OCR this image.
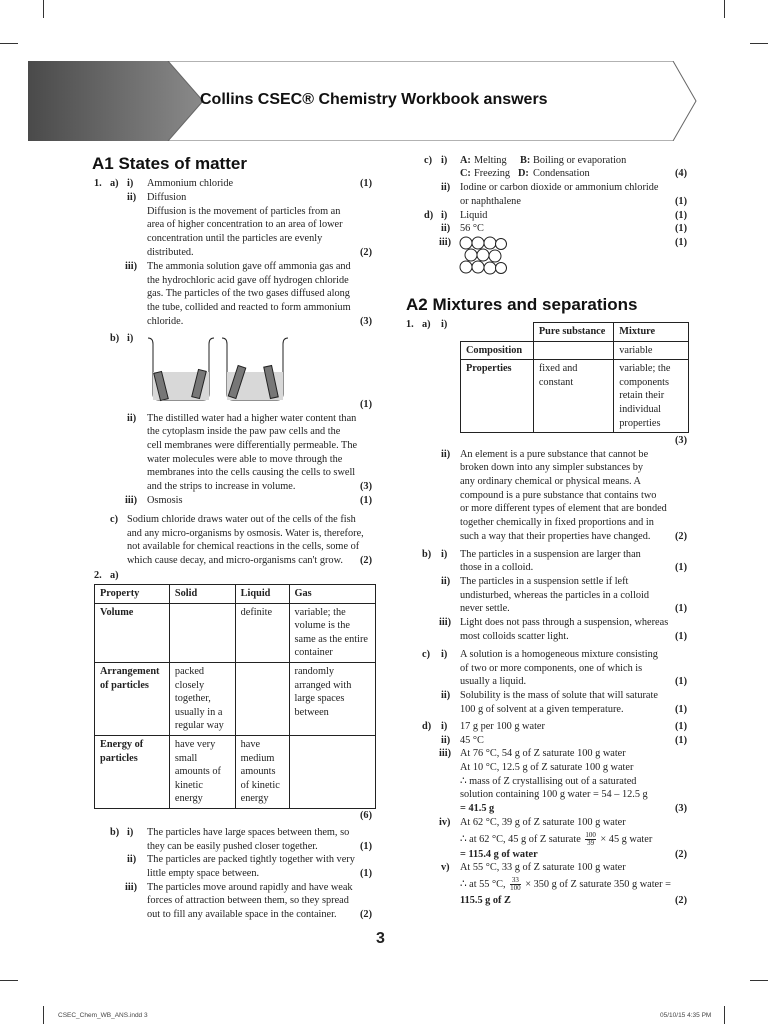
Collins CSEC® Chemistry Workbook answers
A1 States of matter
1. a) i) Ammonium chloride	(1)
ii) Diffusion
Diffusion is the movement of particles from an
area of higher concentration to an area of lower
concentration until the particles are evenly
distributed.	(2)
iii) The ammonia solution gave off ammonia gas and
the hydrochloric acid gave off hydrogen chloride
gas. The particles of the two gases diffused along
the tube, collided and reacted to form ammonium
chloride.	(3)
b) i)
(1)
ii) The distilled water had a higher water content than
the cytoplasm inside the paw paw cells and the
cell membranes were differentially permeable. The
water molecules were able to move through the
membranes into the cells causing the cells to swell
and the strips to increase in volume.	(3)
iii) Osmosis	(1)
c) Sodium chloride draws water out of the cells of the fish
and any micro-organisms by osmosis. Water is, therefore,
not available for chemical reactions in the cells, some of
which cause decay, and micro-organisms can't grow. (2)
2. a)
Property	Solid	Liquid	Gas
Volume		definite	variable; the volume is the same as the entire container
Arrangement of particles	packed closely together, usually in a regular way		randomly arranged with large spaces between
Energy of particles	have very small amounts of kinetic energy	have medium amounts of kinetic energy	
(6)
b) i) The particles have large spaces between them, so
they can be easily pushed closer together.	(1)
ii) The particles are packed tightly together with very
little empty space between.	(1)
iii) The particles move around rapidly and have weak
forces of attraction between them, so they spread
out to fill any available space in the container. (2)
c) i) A: Melting B: Boiling or evaporation
C: Freezing D: Condensation	(4)
ii) Iodine or carbon dioxide or ammonium chloride
or naphthalene	(1)
d) i) Liquid	(1)
ii) 56 °C	(1)
iii)	(1)
A2 Mixtures and separations
1. a) i)
	Pure substance	Mixture
Composition		variable
Properties	fixed and constant	variable; the components retain their individual properties
(3)
ii) An element is a pure substance that cannot be
broken down into any simpler substances by
any ordinary chemical or physical means. A
compound is a pure substance that contains two
or more different types of element that are bonded
together chemically in fixed proportions and in
such a way that their properties have changed. (2)
b) i) The particles in a suspension are larger than
those in a colloid.	(1)
ii) The particles in a suspension settle if left
undisturbed, whereas the particles in a colloid
never settle.	(1)
iii) Light does not pass through a suspension, whereas
most colloids scatter light.	(1)
c) i) A solution is a homogeneous mixture consisting
of two or more components, one of which is
usually a liquid.	(1)
ii) Solubility is the mass of solute that will saturate
100 g of solvent at a given temperature.	(1)
d) i) 17 g per 100 g water	(1)
ii) 45 °C	(1)
iii) At 76 °C, 54 g of Z saturate 100 g water
At 10 °C, 12.5 g of Z saturate 100 g water
∴ mass of Z crystallising out of a saturated
solution containing 100 g water = 54 – 12.5 g
= 41.5 g	(3)
iv) At 62 °C, 39 g of Z saturate 100 g water
∴ at 62 °C, 45 g of Z saturate $\frac{100}{39} \times 45$ g water
= 115.4 g of water	(2)
v) At 55 °C, 33 g of Z saturate 100 g water
∴ at 55 °C, $\frac{33}{100} \times 350$ g of Z saturate 350 g water =
115.5 g of Z	(2)
3
CSEC_Chem_WB_ANS.indd 3	05/10/15 4:35 PM
